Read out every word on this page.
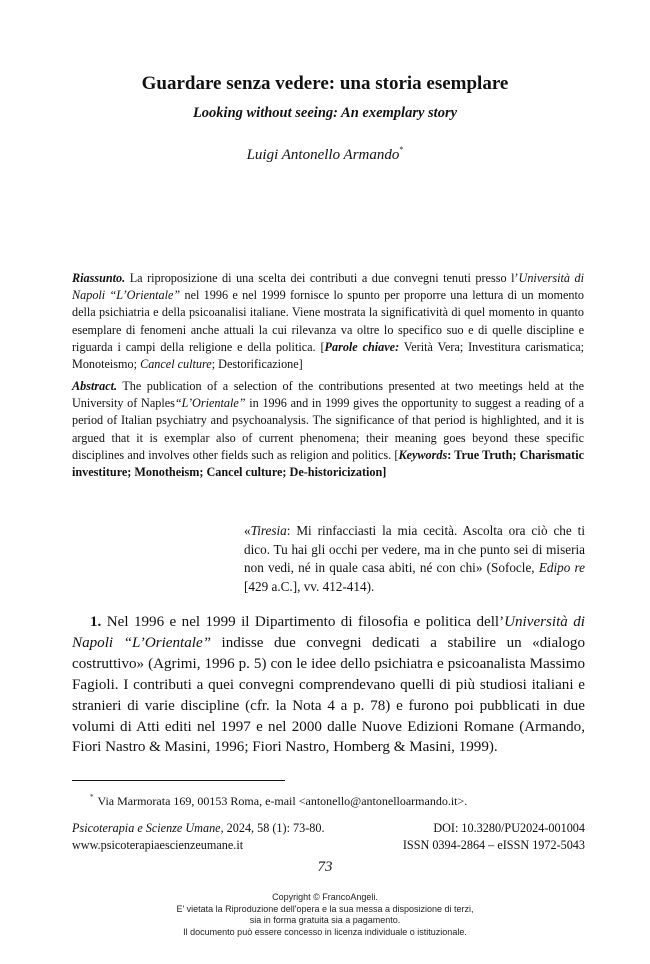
Guardare senza vedere: una storia esemplare
Looking without seeing: An exemplary story
Luigi Antonello Armando*
Riassunto. La riproposizione di una scelta dei contributi a due convegni tenuti presso l’Università di Napoli “L’Orientale” nel 1996 e nel 1999 fornisce lo spunto per proporre una lettura di un momento della psichiatria e della psicoanalisi italiane. Viene mostrata la significatività di quel momento in quanto esemplare di fenomeni anche attuali la cui rilevanza va oltre lo specifico suo e di quelle discipline e riguarda i campi della religione e della politica. [Parole chiave: Verità Vera; Investitura carismatica; Monoteismo; Cancel culture; Destorificazione]
Abstract. The publication of a selection of the contributions presented at two meetings held at the University of Naples“L’Orientale” in 1996 and in 1999 gives the opportunity to suggest a reading of a period of Italian psychiatry and psychoanalysis. The significance of that period is highlighted, and it is argued that it is exemplar also of current phenomena; their meaning goes beyond these specific disciplines and involves other fields such as religion and politics. [Keywords: True Truth; Charismatic investiture; Monotheism; Cancel culture; De-historicization]
«Tiresia: Mi rinfacciasti la mia cecità. Ascolta ora ciò che ti dico. Tu hai gli occhi per vedere, ma in che punto sei di miseria non vedi, né in quale casa abiti, né con chi» (Sofocle, Edipo re [429 a.C.], vv. 412-414).
1. Nel 1996 e nel 1999 il Dipartimento di filosofia e politica dell’Università di Napoli “L’Orientale” indisse due convegni dedicati a stabilire un «dialogo costruttivo» (Agrimi, 1996 p. 5) con le idee dello psichiatra e psicoanalista Massimo Fagioli. I contributi a quei convegni comprendevano quelli di più studiosi italiani e stranieri di varie discipline (cfr. la Nota 4 a p. 78) e furono poi pubblicati in due volumi di Atti editi nel 1997 e nel 2000 dalle Nuove Edizioni Romane (Armando, Fiori Nastro & Masini, 1996; Fiori Nastro, Homberg & Masini, 1999).
* Via Marmorata 169, 00153 Roma, e-mail <antonello@antonelloarmando.it>.
Psicoterapia e Scienze Umane, 2024, 58 (1): 73-80.
www.psicoterapiaescienzeumane.it
DOI: 10.3280/PU2024-001004
ISSN 0394-2864 – eISSN 1972-5043
73
Copyright © FrancoAngeli.
E' vietata la Riproduzione dell'opera e la sua messa a disposizione di terzi,
sia in forma gratuita sia a pagamento.
Il documento può essere concesso in licenza individuale o istituzionale.
